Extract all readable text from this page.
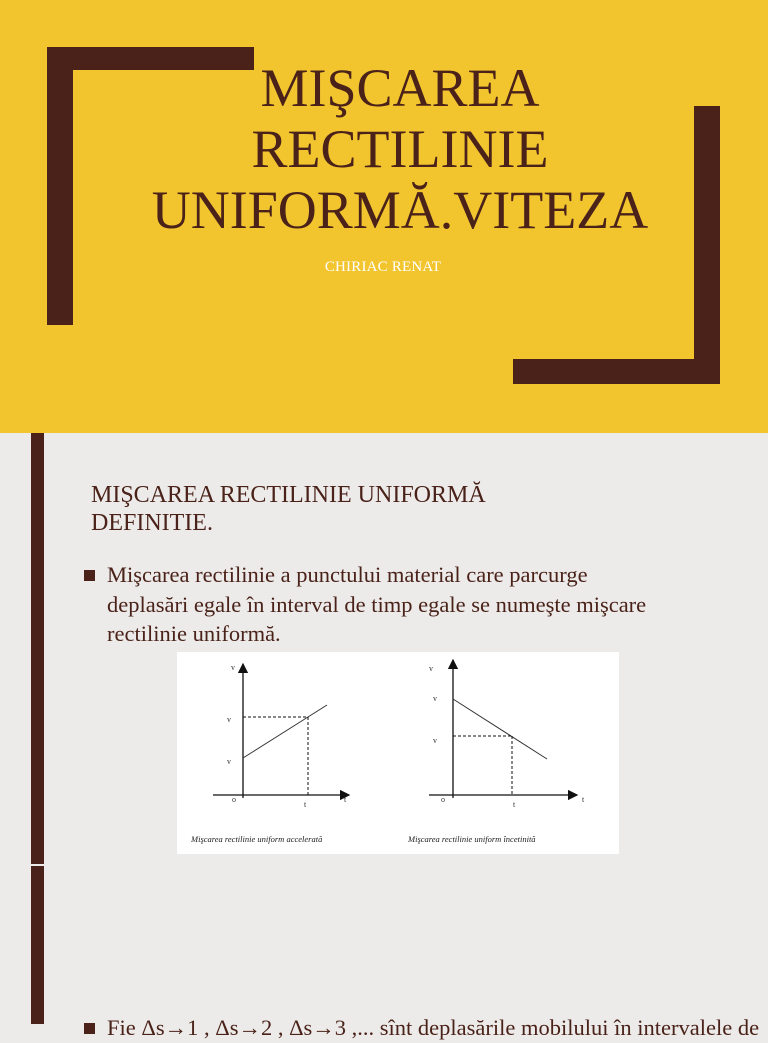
MIŞCAREA
RECTILINIE
UNIFORMĂ.VITEZA
CHIRIAC RENAT
MIŞCAREA RECTILINIE UNIFORMĂ
DEFINITIE.
Mişcarea rectilinie a punctului material care parcurge
deplasări egale în interval de timp egale se numeşte mişcare
rectilinie uniformă.
v
v
v
o
t
t
Mişcarea rectilinie uniform accelerată
v
v
v
o
t
t
Mişcarea rectilinie uniform încetinită
Fie Δs→1 , Δs→2 , Δs→3 ,... sînt deplasările mobilului în intervalele de
